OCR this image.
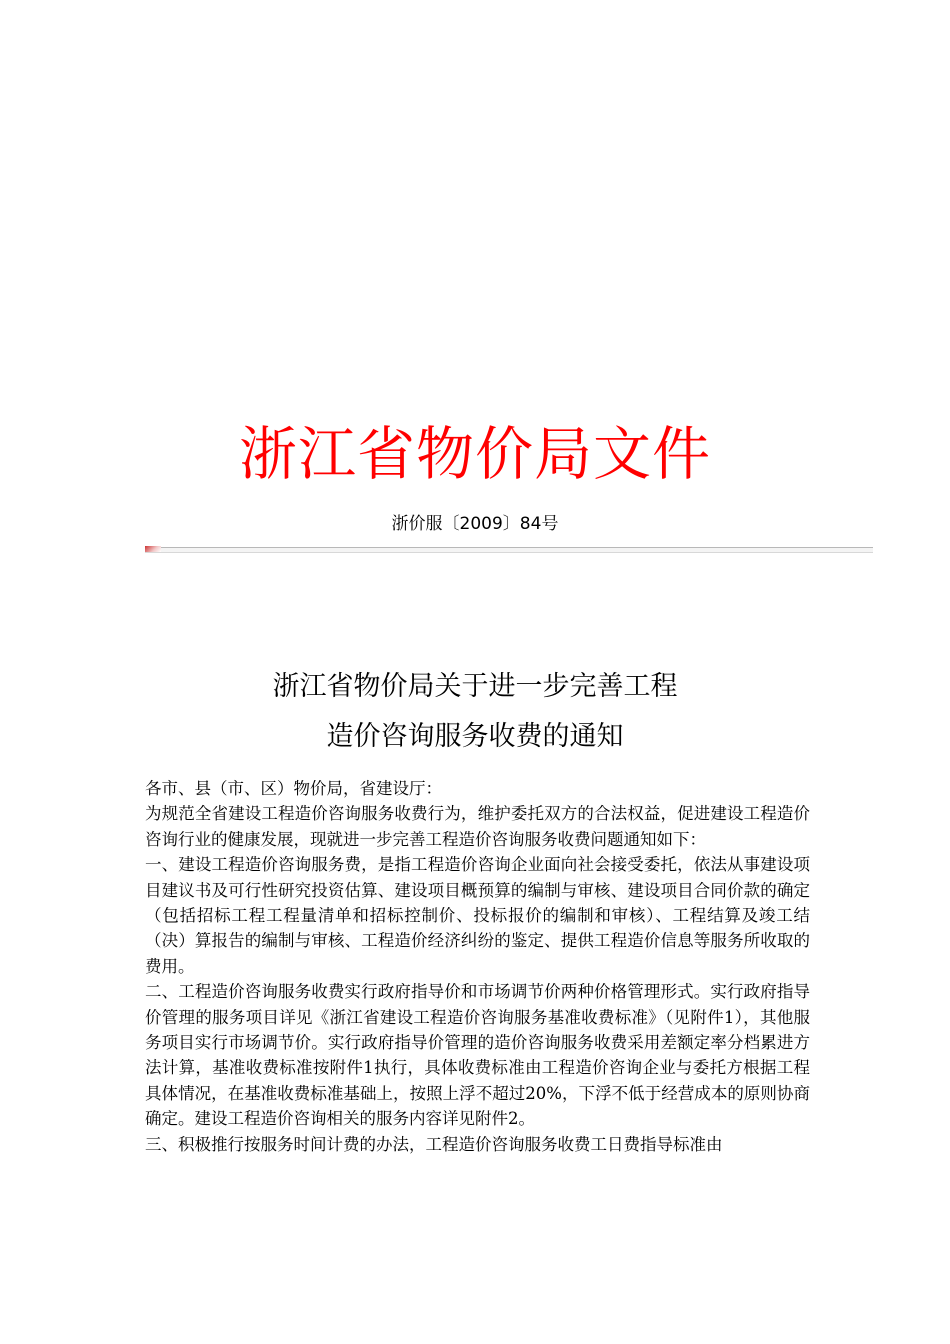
浙江省物价局文件
浙价服〔2009〕84号
浙江省物价局关于进一步完善工程
造价咨询服务收费的通知

各市、县（市、区）物价局，省建设厅：

为规范全省建设工程造价咨询服务收费行为，维护委托双方的合法权益，促进建设工程造价咨询行业的健康发展，现就进一步完善工程造价咨询服务收费问题通知如下：

一、建设工程造价咨询服务费，是指工程造价咨询企业面向社会接受委托，依法从事建设项目建议书及可行性研究投资估算、建设项目概预算的编制与审核、建设项目合同价款的确定（包括招标工程工程量清单和招标控制价、投标报价的编制和审核）、工程结算及竣工结（决）算报告的编制与审核、工程造价经济纠纷的鉴定、提供工程造价信息等服务所收取的费用。

二、工程造价咨询服务收费实行政府指导价和市场调节价两种价格管理形式。实行政府指导价管理的服务项目详见《浙江省建设工程造价咨询服务基准收费标准》（见附件1），其他服务项目实行市场调节价。实行政府指导价管理的造价咨询服务收费采用差额定率分档累进方法计算，基准收费标准按附件1执行，具体收费标准由工程造价咨询企业与委托方根据工程具体情况，在基准收费标准基础上，按照上浮不超过20%，下浮不低于经营成本的原则协商确定。建设工程造价咨询相关的服务内容详见附件2。

三、积极推行按服务时间计费的办法，工程造价咨询服务收费工日费指导标准由
